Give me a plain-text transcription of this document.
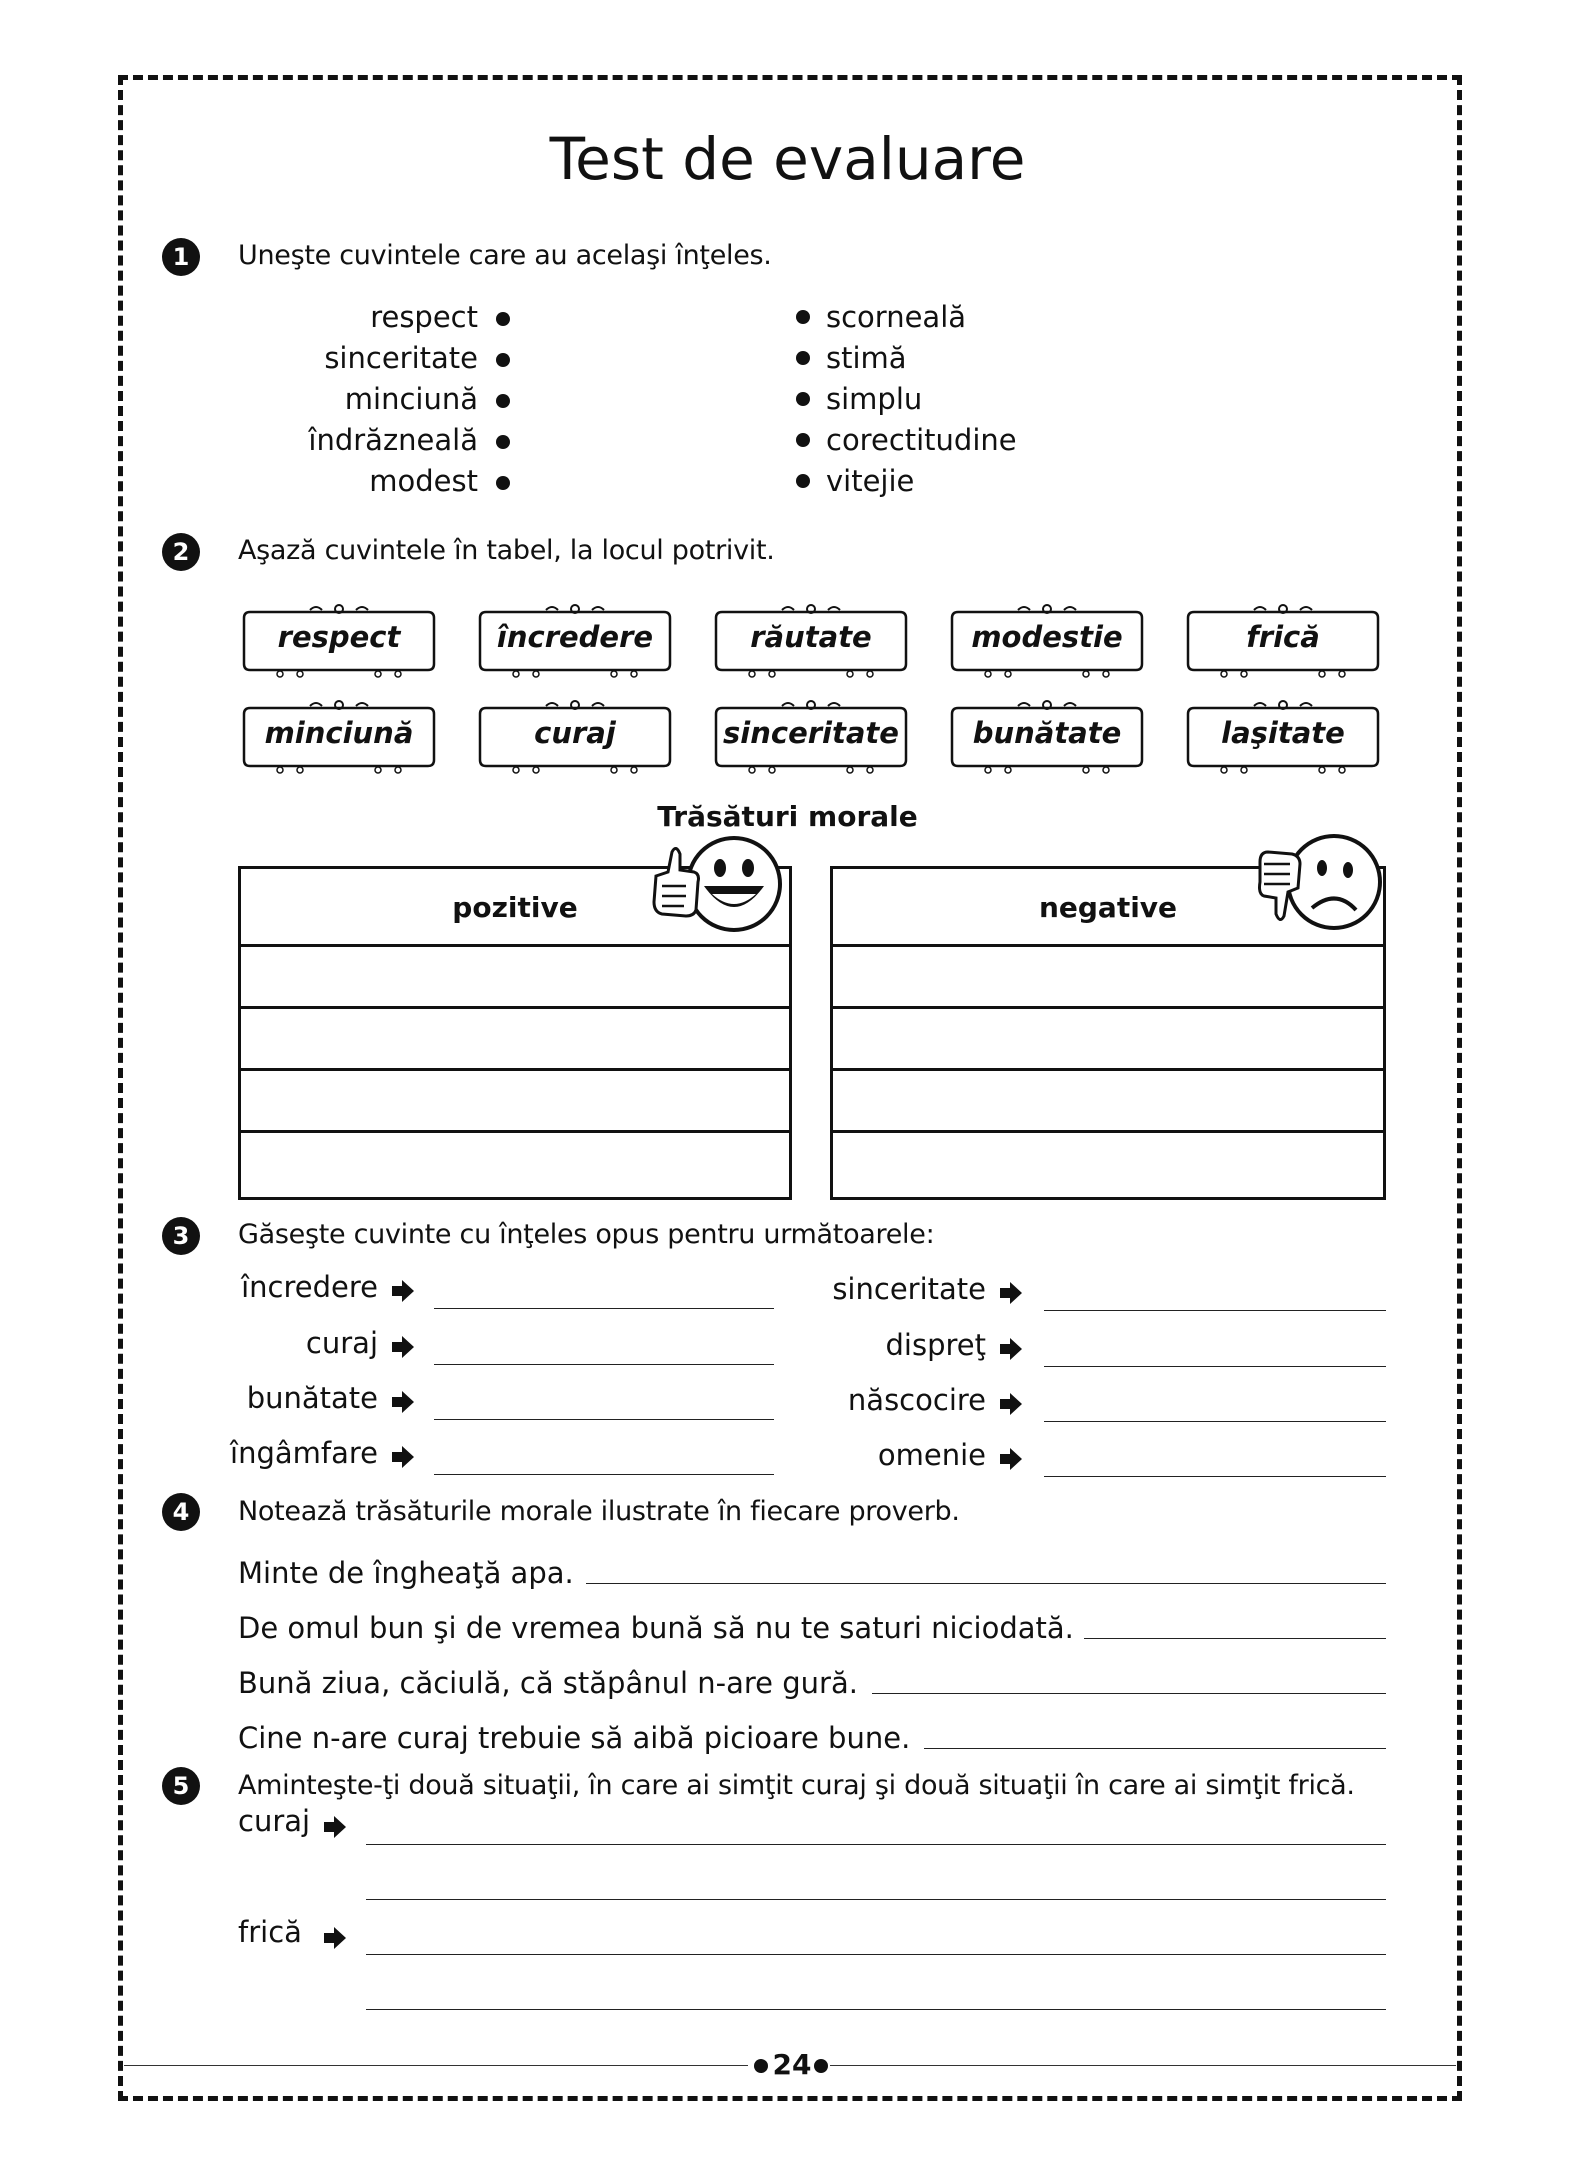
Test de evaluare
1	Uneşte cuvintele care au acelaşi înţeles.
respect
sinceritate
minciună
îndrăzneală
modest
scorneală
stimă
simplu
corectitudine
vitejie
2	Aşază cuvintele în tabel, la locul potrivit.
respect	încredere	răutate	modestie	frică
minciună	curaj	sinceritate	bunătate	laşitate
Trăsături morale
pozitive	negative
3	Găseşte cuvinte cu înţeles opus pentru următoarele:
încredere
curaj
bunătate
îngâmfare
sinceritate
dispreţ
născocire
omenie
4	Notează trăsăturile morale ilustrate în fiecare proverb.
Minte de îngheaţă apa.
De omul bun şi de vremea bună să nu te saturi niciodată.
Bună ziua, căciulă, că stăpânul n-are gură.
Cine n-are curaj trebuie să aibă picioare bune.
5	Aminteşte-ţi două situaţii, în care ai simţit curaj şi două situaţii în care ai simţit frică.
curaj
frică
24
